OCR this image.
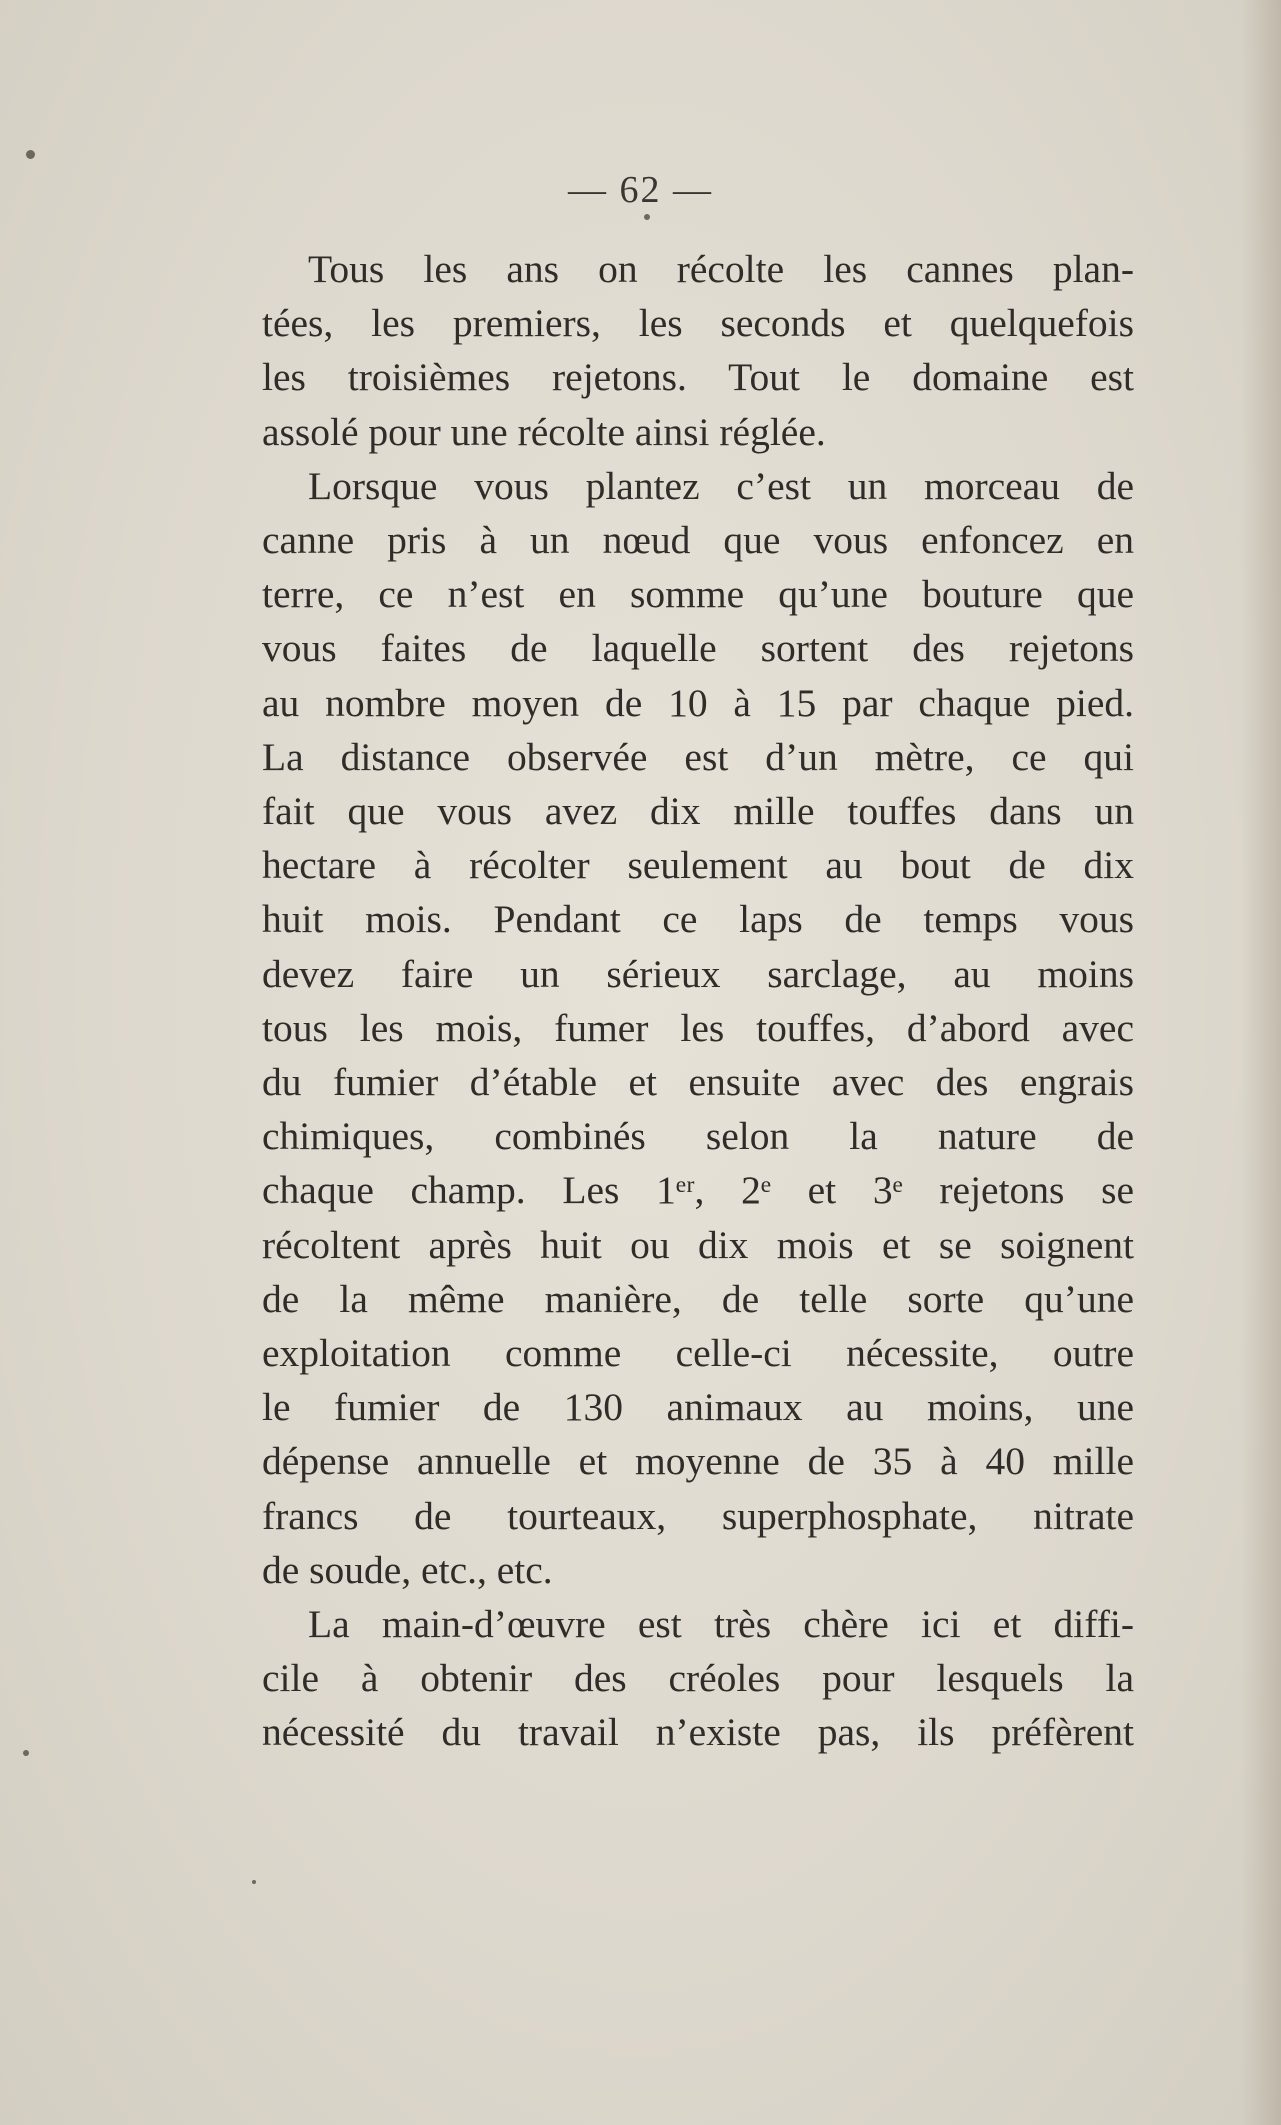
— 62 —
Tous les ans on récolte les cannes plan-
tées, les premiers, les seconds et quelquefois
les troisièmes rejetons. Tout le domaine est
assolé pour une récolte ainsi réglée.
Lorsque vous plantez c’est un morceau de
canne pris à un nœud que vous enfoncez en
terre, ce n’est en somme qu’une bouture que
vous faites de laquelle sortent des rejetons
au nombre moyen de 10 à 15 par chaque pied.
La distance observée est d’un mètre, ce qui
fait que vous avez dix mille touffes dans un
hectare à récolter seulement au bout de dix
huit mois. Pendant ce laps de temps vous
devez faire un sérieux sarclage, au moins
tous les mois, fumer les touffes, d’abord avec
du fumier d’étable et ensuite avec des engrais
chimiques, combinés selon la nature de
chaque champ. Les 1ᵉʳ, 2ᵉ et 3ᵉ rejetons se
récoltent après huit ou dix mois et se soignent
de la même manière, de telle sorte qu’une
exploitation comme celle-ci nécessite, outre
le fumier de 130 animaux au moins, une
dépense annuelle et moyenne de 35 à 40 mille
francs de tourteaux, superphosphate, nitrate
de soude, etc., etc.
La main-d’œuvre est très chère ici et diffi-
cile à obtenir des créoles pour lesquels la
nécessité du travail n’existe pas, ils préfèrent
